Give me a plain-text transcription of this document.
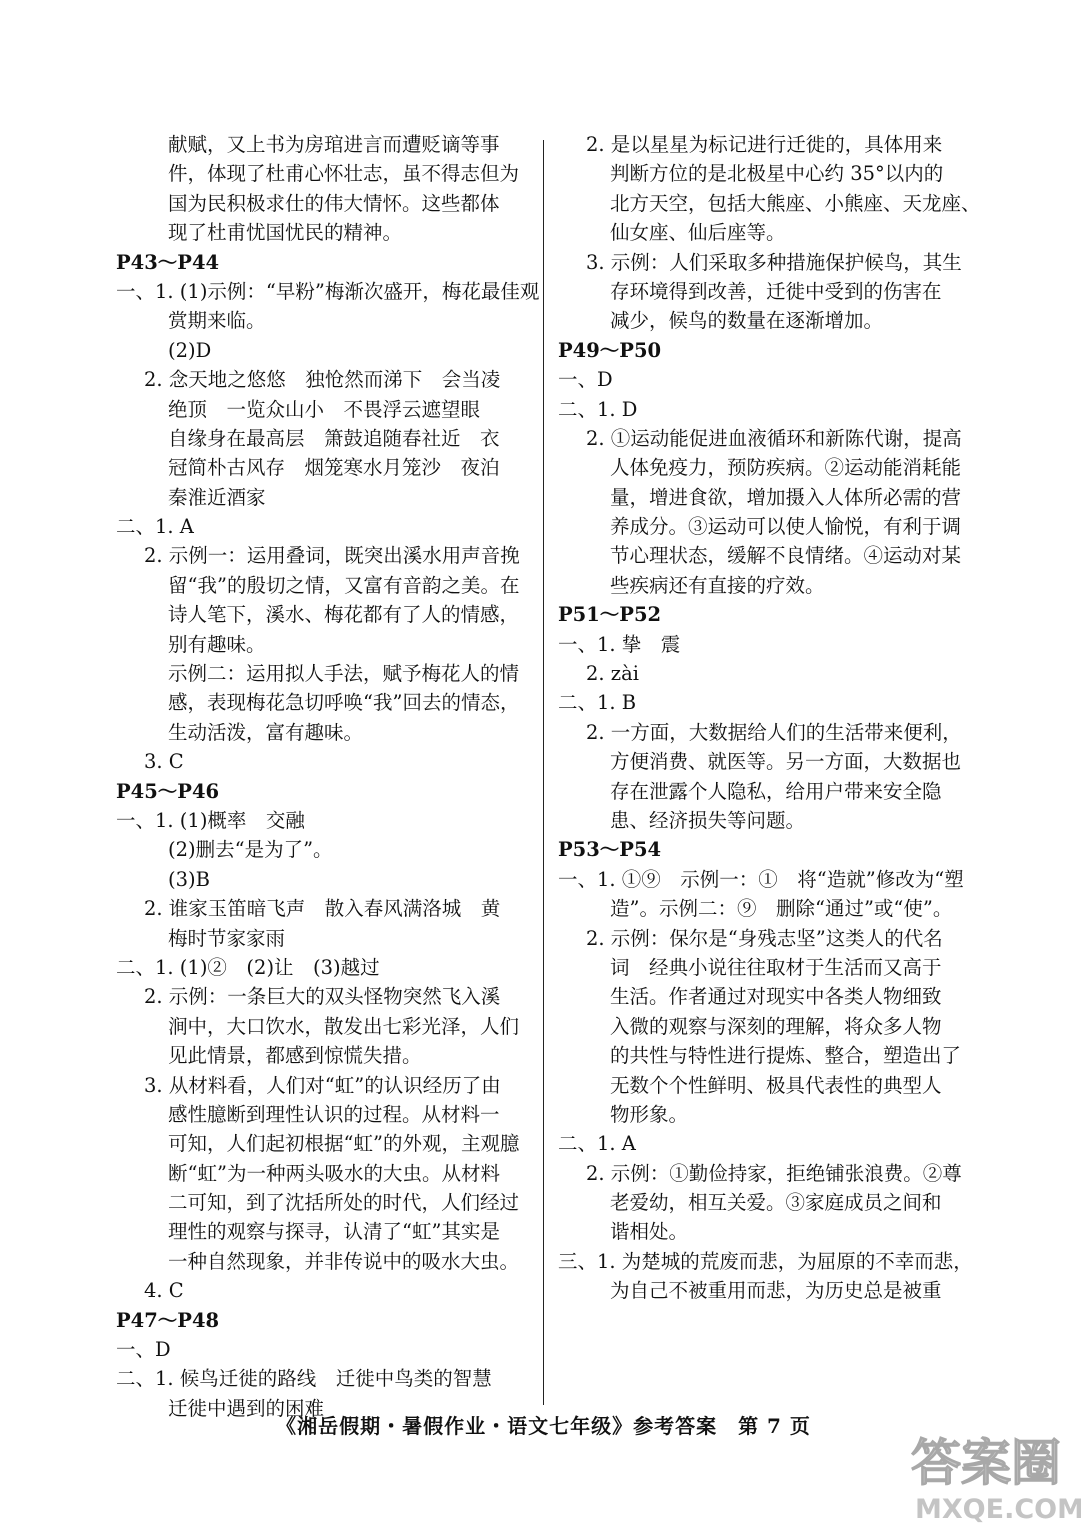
献赋，又上书为房琯进言而遭贬谪等事
件，体现了杜甫心怀壮志，虽不得志但为
国为民积极求仕的伟大情怀。这些都体
现了杜甫忧国忧民的精神。
P43～P44
一、1. (1)示例：“早粉”梅渐次盛开，梅花最佳观
赏期来临。
(2)D
2. 念天地之悠悠　独怆然而涕下　会当凌
绝顶　一览众山小　不畏浮云遮望眼
自缘身在最高层　箫鼓追随春社近　衣
冠简朴古风存　烟笼寒水月笼沙　夜泊
秦淮近酒家
二、1. A
2. 示例一：运用叠词，既突出溪水用声音挽
留“我”的殷切之情，又富有音韵之美。在
诗人笔下，溪水、梅花都有了人的情感，
别有趣味。
示例二：运用拟人手法，赋予梅花人的情
感，表现梅花急切呼唤“我”回去的情态，
生动活泼，富有趣味。
3. C
P45～P46
一、1. (1)概率　交融
(2)删去“是为了”。
(3)B
2. 谁家玉笛暗飞声　散入春风满洛城　黄
梅时节家家雨
二、1. (1)②　(2)让　(3)越过
2. 示例：一条巨大的双头怪物突然飞入溪
涧中，大口饮水，散发出七彩光泽，人们
见此情景，都感到惊慌失措。
3. 从材料看，人们对“虹”的认识经历了由
感性臆断到理性认识的过程。从材料一
可知，人们起初根据“虹”的外观，主观臆
断“虹”为一种两头吸水的大虫。从材料
二可知，到了沈括所处的时代，人们经过
理性的观察与探寻，认清了“虹”其实是
一种自然现象，并非传说中的吸水大虫。
4. C
P47～P48
一、D
二、1. 候鸟迁徙的路线　迁徙中鸟类的智慧
迁徙中遇到的困难
2. 是以星星为标记进行迁徙的，具体用来
判断方位的是北极星中心约 35°以内的
北方天空，包括大熊座、小熊座、天龙座、
仙女座、仙后座等。
3. 示例：人们采取多种措施保护候鸟，其生
存环境得到改善，迁徙中受到的伤害在
减少，候鸟的数量在逐渐增加。
P49～P50
一、D
二、1. D
2. ①运动能促进血液循环和新陈代谢，提高
人体免疫力，预防疾病。②运动能消耗能
量，增进食欲，增加摄入人体所必需的营
养成分。③运动可以使人愉悦，有利于调
节心理状态，缓解不良情绪。④运动对某
些疾病还有直接的疗效。
P51～P52
一、1. 挚　震
2. zài
二、1. B
2. 一方面，大数据给人们的生活带来便利，
方便消费、就医等。另一方面，大数据也
存在泄露个人隐私，给用户带来安全隐
患、经济损失等问题。
P53～P54
一、1. ①⑨　示例一：①　将“造就”修改为“塑
造”。示例二：⑨　删除“通过”或“使”。
2. 示例：保尔是“身残志坚”这类人的代名
词　经典小说往往取材于生活而又高于
生活。作者通过对现实中各类人物细致
入微的观察与深刻的理解，将众多人物
的共性与特性进行提炼、整合，塑造出了
无数个个性鲜明、极具代表性的典型人
物形象。
二、1. A
2. 示例：①勤俭持家，拒绝铺张浪费。②尊
老爱幼，相互关爱。③家庭成员之间和
谐相处。
三、1. 为楚城的荒废而悲，为屈原的不幸而悲，
为自己不被重用而悲，为历史总是被重
《湘岳假期・暑假作业・语文七年级》参考答案　第 7 页
答案圈
MXQE.COM
